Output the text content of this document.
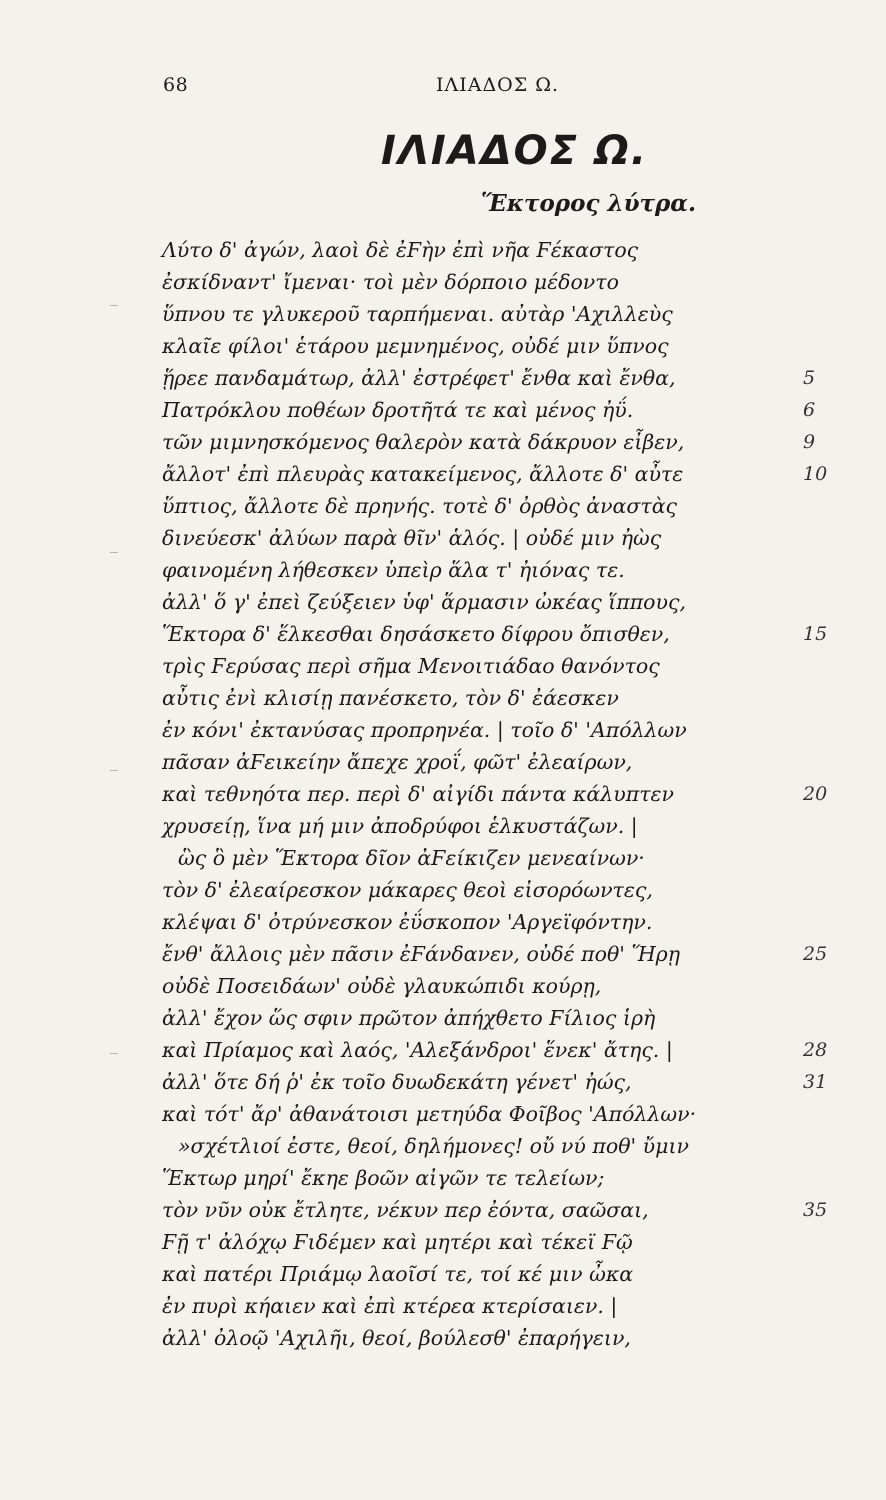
68	ΙΛΙΑΔΟΣ Ω.
ΙΛΙΑΔΟΣ Ω.
Ἕκτορος λύτρα.
Λύτο δ' ἀγών, λαοὶ δὲ ἐϜὴν ἐπὶ νῆα Ϝέκαστος
ἐσκίδναντ' ἴμεναι· τοὶ μὲν δόρποιο μέδοντο
ὕπνου τε γλυκεροῦ ταρπήμεναι. αὐτὰρ 'Αχιλλεὺς
κλαῖε φίλοι' ἑτάρου μεμνημένος, οὐδέ μιν ὕπνος
ᾕρεε πανδαμάτωρ, ἀλλ' ἐστρέφετ' ἔνθα καὶ ἔνθα,
Πατρόκλου ποθέων δροτῆτά τε καὶ μένος ἠΰ.
τῶν μιμνησκόμενος θαλερὸν κατὰ δάκρυον εἶβεν,
ἄλλοτ' ἐπὶ πλευρὰς κατακείμενος, ἄλλοτε δ' αὖτε
ὕπτιος, ἄλλοτε δὲ πρηνής. τοτὲ δ' ὀρθὸς ἀναστὰς
δινεύεσκ' ἀλύων παρὰ θῖν' ἁλός. | οὐδέ μιν ἠὼς
φαινομένη λήθεσκεν ὑπεὶρ ἅλα τ' ἠιόνας τε.
ἀλλ' ὅ γ' ἐπεὶ ζεύξειεν ὑφ' ἅρμασιν ὠκέας ἵππους,
Ἕκτορα δ' ἕλκεσθαι δησάσκετο δίφρου ὄπισθεν,
τρὶς Ϝερύσας περὶ σῆμα Μενοιτιάδαο θανόντος
αὖτις ἐνὶ κλισίῃ πανέσκετο, τὸν δ' ἐάεσκεν
ἐν κόνι' ἐκτανύσας προπρηνέα. | τοῖο δ' 'Απόλλων
πᾶσαν ἀϜεικείην ἄπεχε χροΐ, φῶτ' ἐλεαίρων,
καὶ τεθνηότα περ. περὶ δ' αἰγίδι πάντα κάλυπτεν
χρυσείῃ, ἵνα μή μιν ἀποδρύφοι ἑλκυστάζων. |
ὣς ὃ μὲν Ἕκτορα δῖον ἀϜείκιζεν μενεαίνων·
τὸν δ' ἐλεαίρεσκον μάκαρες θεοὶ εἰσορόωντες,
κλέψαι δ' ὀτρύνεσκον ἐΰσκοπον 'Αργεϊφόντην.
ἔνθ' ἄλλοις μὲν πᾶσιν ἐϜάνδανεν, οὐδέ ποθ' Ἥρῃ
οὐδὲ Ποσειδάων' οὐδὲ γλαυκώπιδι κούρῃ,
ἀλλ' ἔχον ὥς σφιν πρῶτον ἀπήχθετο Ϝίλιος ἱρὴ
καὶ Πρίαμος καὶ λαός, 'Αλεξάνδροι' ἕνεκ' ἄτης. |
ἀλλ' ὅτε δή ῥ' ἐκ τοῖο δυωδεκάτη γένετ' ἠώς,
καὶ τότ' ἄρ' ἀθανάτοισι μετηύδα Φοῖβος 'Απόλλων·
»σχέτλιοί ἐστε, θεοί, δηλήμονες! οὔ νύ ποθ' ὔμιν
Ἕκτωρ μηρί' ἔκηε βοῶν αἰγῶν τε τελείων;
τὸν νῦν οὐκ ἔτλητε, νέκυν περ ἐόντα, σαῶσαι,
Ϝῇ τ' ἀλόχῳ Ϝιδέμεν καὶ μητέρι καὶ τέκεϊ Ϝῷ
καὶ πατέρι Πριάμῳ λαοῖσί τε, τοί κέ μιν ὦκα
ἐν πυρὶ κήαιεν καὶ ἐπὶ κτέρεα κτερίσαιεν. |
ἀλλ' ὀλοῷ 'Αχιλῆι, θεοί, βούλεσθ' ἐπαρήγειν,
5
6
9
10
15
20
25
28
31
35
